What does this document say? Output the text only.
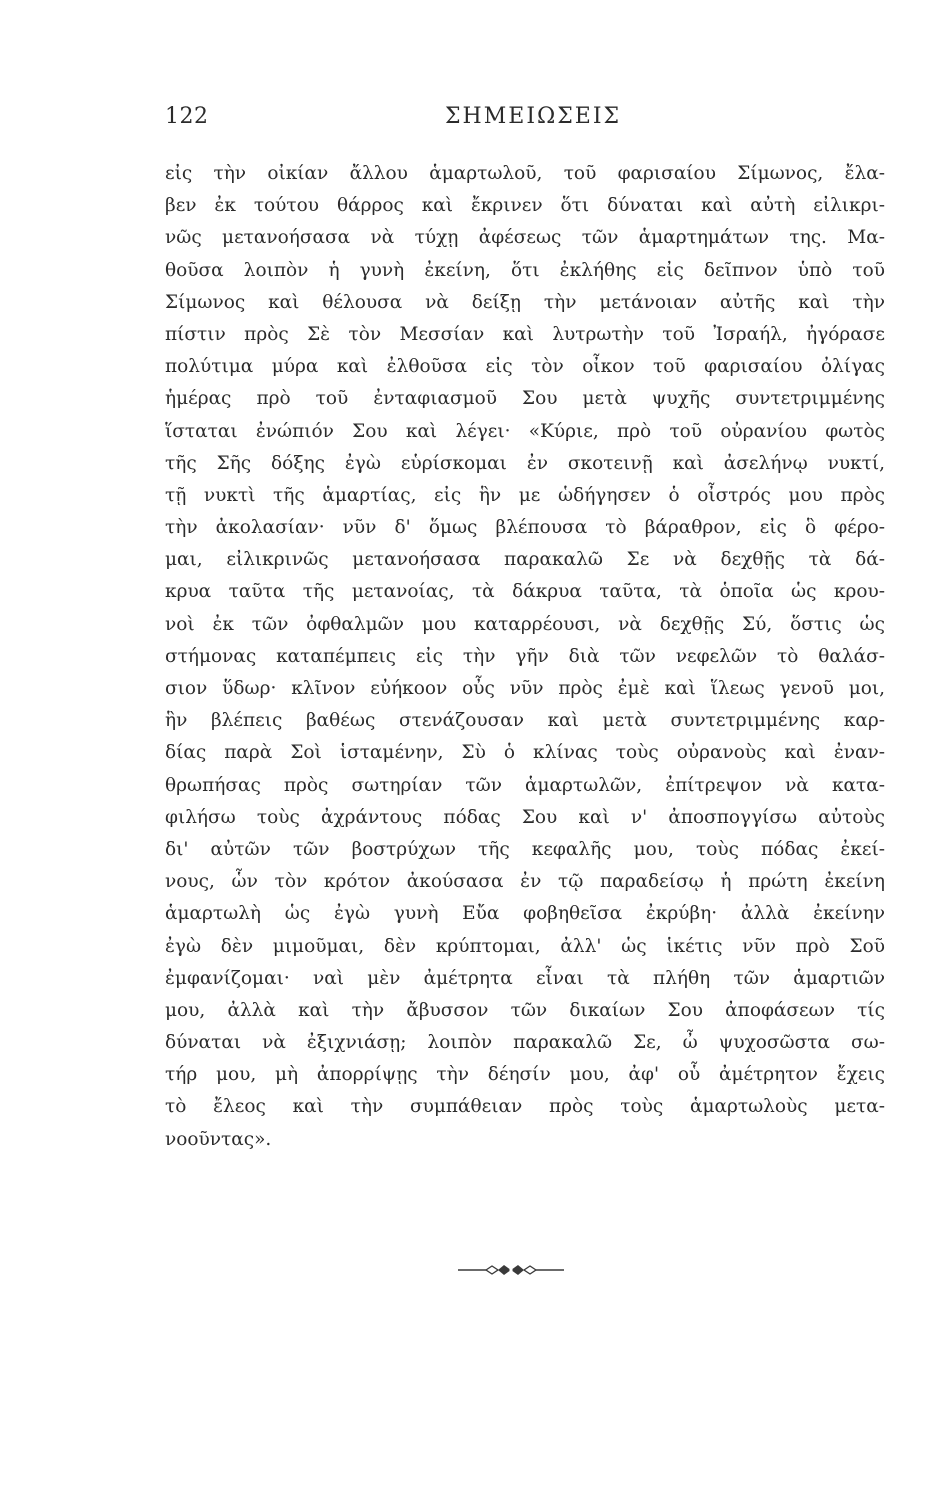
122	ΣΗΜΕΙΩΣΕΙΣ
εἰς τὴν οἰκίαν ἄλλου ἁμαρτωλοῦ, τοῦ φαρισαίου Σίμωνος, ἔλα-
βεν ἐκ τούτου θάρρος καὶ ἔκρινεν ὅτι δύναται καὶ αὐτὴ εἰλικρι-
νῶς μετανοήσασα νὰ τύχῃ ἀφέσεως τῶν ἁμαρτημάτων της. Μα-
θοῦσα λοιπὸν ἡ γυνὴ ἐκείνη, ὅτι ἐκλήθης εἰς δεῖπνον ὑπὸ τοῦ
Σίμωνος καὶ θέλουσα νὰ δείξῃ τὴν μετάνοιαν αὐτῆς καὶ τὴν
πίστιν πρὸς Σὲ τὸν Μεσσίαν καὶ λυτρωτὴν τοῦ Ἰσραήλ, ἠγόρασε
πολύτιμα μύρα καὶ ἐλθοῦσα εἰς τὸν οἶκον τοῦ φαρισαίου ὀλίγας
ἡμέρας πρὸ τοῦ ἐνταφιασμοῦ Σου μετὰ ψυχῆς συντετριμμένης
ἵσταται ἐνώπιόν Σου καὶ λέγει· «Κύριε, πρὸ τοῦ οὐρανίου φωτὸς
τῆς Σῆς δόξης ἐγὼ εὑρίσκομαι ἐν σκοτεινῇ καὶ ἀσελήνῳ νυκτί,
τῇ νυκτὶ τῆς ἁμαρτίας, εἰς ἣν με ὡδήγησεν ὁ οἶστρός μου πρὸς
τὴν ἀκολασίαν· νῦν δ' ὅμως βλέπουσα τὸ βάραθρον, εἰς ὃ φέρο-
μαι, εἰλικρινῶς μετανοήσασα παρακαλῶ Σε νὰ δεχθῇς τὰ δά-
κρυα ταῦτα τῆς μετανοίας, τὰ δάκρυα ταῦτα, τὰ ὁποῖα ὡς κρου-
νοὶ ἐκ τῶν ὀφθαλμῶν μου καταρρέουσι, νὰ δεχθῇς Σύ, ὅστις ὡς
στήμονας καταπέμπεις εἰς τὴν γῆν διὰ τῶν νεφελῶν τὸ θαλάσ-
σιον ὕδωρ· κλῖνον εὐήκοον οὖς νῦν πρὸς ἐμὲ καὶ ἵλεως γενοῦ μοι,
ἣν βλέπεις βαθέως στενάζουσαν καὶ μετὰ συντετριμμένης καρ-
δίας παρὰ Σοὶ ἱσταμένην, Σὺ ὁ κλίνας τοὺς οὐρανοὺς καὶ ἐναν-
θρωπήσας πρὸς σωτηρίαν τῶν ἁμαρτωλῶν, ἐπίτρεψον νὰ κατα-
φιλήσω τοὺς ἀχράντους πόδας Σου καὶ ν' ἀποσπογγίσω αὐτοὺς
δι' αὐτῶν τῶν βοστρύχων τῆς κεφαλῆς μου, τοὺς πόδας ἐκεί-
νους, ὧν τὸν κρότον ἀκούσασα ἐν τῷ παραδείσῳ ἡ πρώτη ἐκείνη
ἁμαρτωλὴ ὡς ἐγὼ γυνὴ Εὔα φοβηθεῖσα ἐκρύβη· ἀλλὰ ἐκείνην
ἐγὼ δὲν μιμοῦμαι, δὲν κρύπτομαι, ἀλλ' ὡς ἱκέτις νῦν πρὸ Σοῦ
ἐμφανίζομαι· ναὶ μὲν ἀμέτρητα εἶναι τὰ πλήθη τῶν ἁμαρτιῶν
μου, ἀλλὰ καὶ τὴν ἄβυσσον τῶν δικαίων Σου ἀποφάσεων τίς
δύναται νὰ ἐξιχνιάσῃ; λοιπὸν παρακαλῶ Σε, ὦ ψυχοσῶστα σω-
τήρ μου, μὴ ἀπορρίψῃς τὴν δέησίν μου, ἀφ' οὗ ἀμέτρητον ἔχεις
τὸ ἔλεος καὶ τὴν συμπάθειαν πρὸς τοὺς ἁμαρτωλοὺς μετα-
νοοῦντας».
